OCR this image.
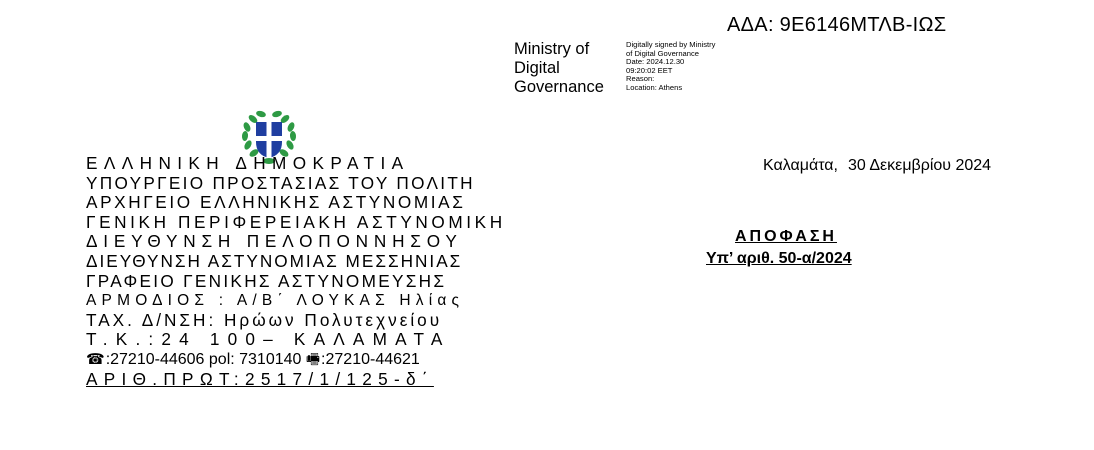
ΑΔΑ: 9Ε6146ΜΤΛΒ-ΙΩΣ
Ministry of
Digital
Governance
Digitally signed by Ministry
of Digital Governance
Date: 2024.12.30
09:20:02 EET
Reason:
Location: Athens
ΕΛΛΗΝΙΚΗ ΔΗΜΟΚΡΑΤΙΑ
ΥΠΟΥΡΓΕΙΟ ΠΡΟΣΤΑΣΙΑΣ ΤΟΥ ΠΟΛΙΤΗ
ΑΡΧΗΓΕΙΟ ΕΛΛΗΝΙΚΗΣ ΑΣΤΥΝΟΜΙΑΣ
ΓΕΝΙΚΗ ΠΕΡΙΦΕΡΕΙΑΚΗ ΑΣΤΥΝΟΜΙΚΗ
ΔΙΕΥΘΥΝΣΗ ΠΕΛΟΠΟΝΝΗΣΟΥ
ΔΙΕΥΘΥΝΣΗ ΑΣΤΥΝΟΜΙΑΣ ΜΕΣΣΗΝΙΑΣ
ΓΡΑΦΕΙΟ ΓΕΝΙΚΗΣ ΑΣΤΥΝΟΜΕΥΣΗΣ
ΑΡΜΟΔΙΟΣ : Α/Β΄ ΛΟΥΚΑΣ Ηλίας
ΤΑΧ. Δ/ΝΣΗ: Ηρώων Πολυτεχνείου
Τ.Κ.:24 100– ΚΑΛΑΜΑΤΑ
☎:27210-44606 pol: 7310140 🖷:27210-44621
ΑΡΙΘ.ΠΡΩΤ:2517/1/125-δ΄
Καλαμάτα, 30 Δεκεμβρίου 2024
ΑΠΟΦΑΣΗ
Υπ’ αριθ. 50-α/2024
